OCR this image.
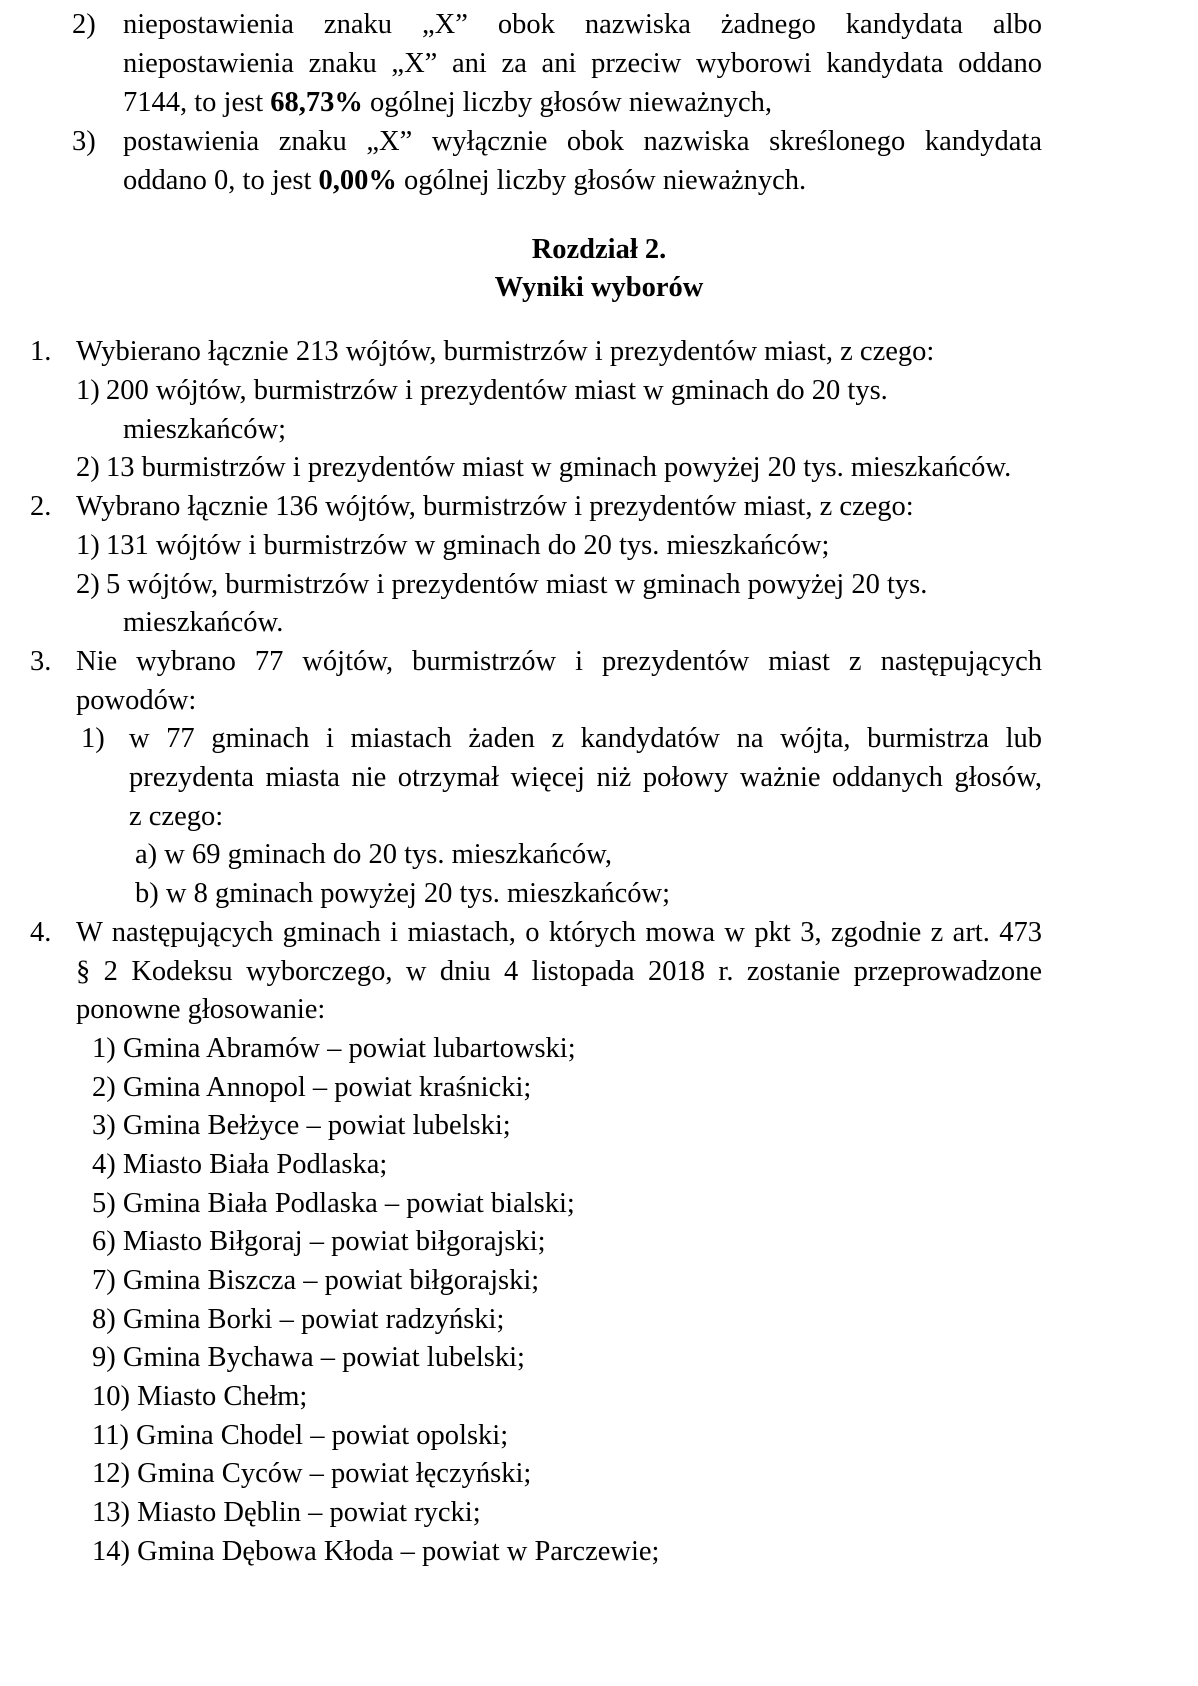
2) niepostawienia znaku „X” obok nazwiska żadnego kandydata albo
niepostawienia znaku „X” ani za ani przeciw wyborowi kandydata oddano
7144, to jest 68,73% ogólnej liczby głosów nieważnych,
3) postawienia znaku „X” wyłącznie obok nazwiska skreślonego kandydata
oddano 0, to jest 0,00% ogólnej liczby głosów nieważnych.
Rozdział 2.
Wyniki wyborów
1. Wybierano łącznie 213 wójtów, burmistrzów i prezydentów miast, z czego:
1) 200 wójtów, burmistrzów i prezydentów miast w gminach do 20 tys.
mieszkańców;
2) 13 burmistrzów i prezydentów miast w gminach powyżej 20 tys. mieszkańców.
2. Wybrano łącznie 136 wójtów, burmistrzów i prezydentów miast, z czego:
1) 131 wójtów i burmistrzów w gminach do 20 tys. mieszkańców;
2) 5 wójtów, burmistrzów i prezydentów miast w gminach powyżej 20 tys.
mieszkańców.
3. Nie wybrano 77 wójtów, burmistrzów i prezydentów miast z następujących
powodów:
1) w 77 gminach i miastach żaden z kandydatów na wójta, burmistrza lub
prezydenta miasta nie otrzymał więcej niż połowy ważnie oddanych głosów,
z czego:
a) w 69 gminach do 20 tys. mieszkańców,
b) w 8 gminach powyżej 20 tys. mieszkańców;
4. W następujących gminach i miastach, o których mowa w pkt 3, zgodnie z art. 473
§ 2 Kodeksu wyborczego, w dniu 4 listopada 2018 r. zostanie przeprowadzone
ponowne głosowanie:
1) Gmina Abramów – powiat lubartowski;
2) Gmina Annopol – powiat kraśnicki;
3) Gmina Bełżyce – powiat lubelski;
4) Miasto Biała Podlaska;
5) Gmina Biała Podlaska – powiat bialski;
6) Miasto Biłgoraj – powiat biłgorajski;
7) Gmina Biszcza – powiat biłgorajski;
8) Gmina Borki – powiat radzyński;
9) Gmina Bychawa – powiat lubelski;
10) Miasto Chełm;
11) Gmina Chodel – powiat opolski;
12) Gmina Cyców – powiat łęczyński;
13) Miasto Dęblin – powiat rycki;
14) Gmina Dębowa Kłoda – powiat w Parczewie;
